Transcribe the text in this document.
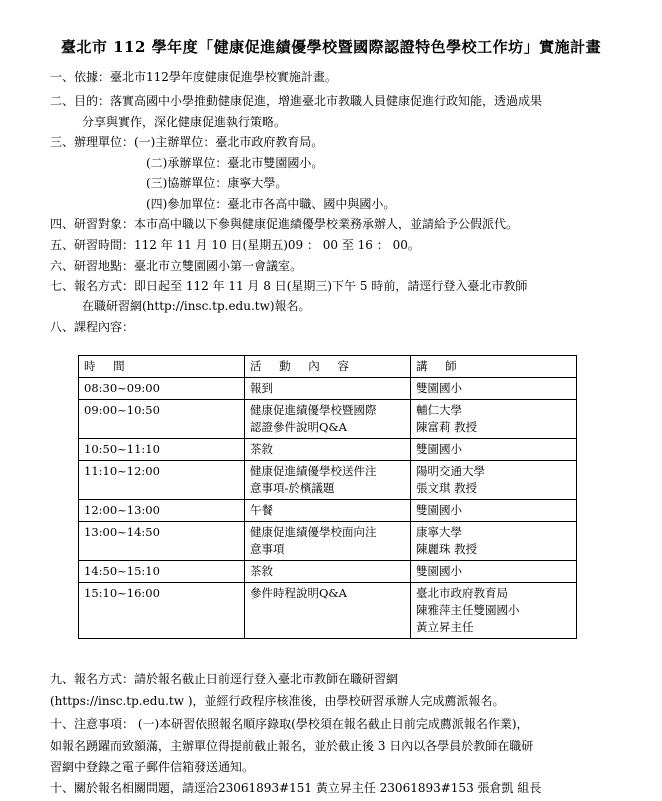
臺北市 112 學年度「健康促進績優學校暨國際認證特色學校工作坊」實施計畫
一、依據：臺北市112學年度健康促進學校實施計畫。
二、目的：落實高國中小學推動健康促進，增進臺北市教職人員健康促進行政知能，透過成果
分享與實作，深化健康促進執行策略。
三、辦理單位：(一)主辦單位：臺北市政府教育局。
(二)承辦單位：臺北市雙園國小。
(三)協辦單位：康寧大學。
(四)參加單位：臺北市各高中職、國中與國小。
四、研習對象：本市高中職以下參與健康促進績優學校業務承辦人，並請給予公假派代。
五、研習時間：112 年 11 月 10 日(星期五)09 ： 00 至 16 ： 00。
六、研習地點：臺北市立雙園國小第一會議室。
七、報名方式：即日起至 112 年 11 月 8 日(星期三)下午 5 時前，請逕行登入臺北市教師
在職研習網(http://insc.tp.edu.tw)報名。
八、課程內容：
時 間	活 動 內 容	講 師

08:30~09:00	報到	雙園國小

09:00~10:50	健康促進績優學校暨國際
認證參件說明Q&A	輔仁大學
陳富莉 教授

10:50~11:10	茶敘	雙園國小

11:10~12:00	健康促進績優學校送件注
意事項-於檳議題	陽明交通大學
張文琪 教授

12:00~13:00	午餐	雙園國小

13:00~14:50	健康促進績優學校面向注
意事項	康寧大學
陳麗珠 教授

14:50~15:10	茶敘	雙園國小

15:10~16:00	參件時程說明Q&A	臺北市政府教育局
陳雅萍主任雙園國小
黃立昇主任
九、報名方式：請於報名截止日前逕行登入臺北市教師在職研習網
(https://insc.tp.edu.tw )，並經行政程序核准後，由學校研習承辦人完成薦派報名。
十、注意事項： (一)本研習依照報名順序錄取(學校須在報名截止日前完成薦派報名作業)，
如報名踴躍而致額滿，主辦單位得提前截止報名，並於截止後 3 日內以各學員於教師在職研
習網中登錄之電子郵件信箱發送通知。
十、關於報名相關問題，請逕洽23061893#151 黃立昇主任 23061893#153 張倉凱 組長
